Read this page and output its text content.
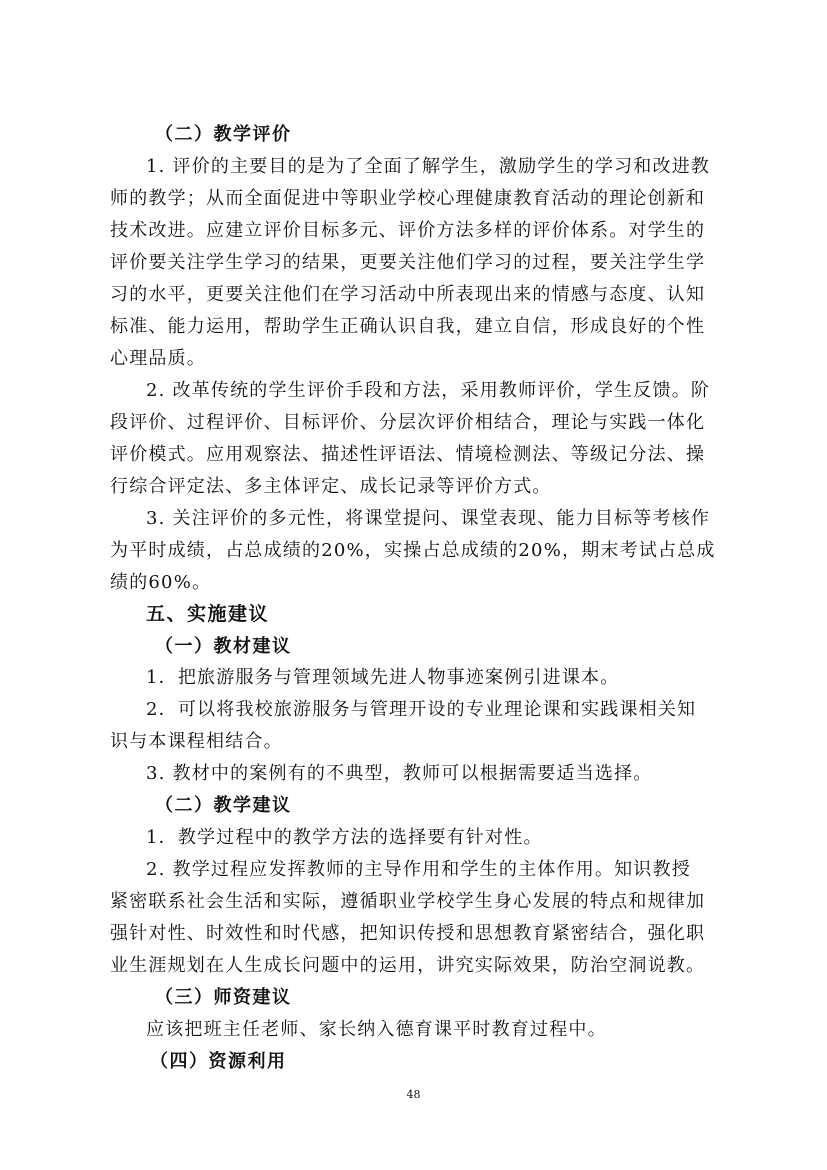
（二）教学评价
1. 评价的主要目的是为了全面了解学生，激励学生的学习和改进教
师的教学；从而全面促进中等职业学校心理健康教育活动的理论创新和
技术改进。应建立评价目标多元、评价方法多样的评价体系。对学生的
评价要关注学生学习的结果，更要关注他们学习的过程，要关注学生学
习的水平，更要关注他们在学习活动中所表现出来的情感与态度、认知
标准、能力运用，帮助学生正确认识自我，建立自信，形成良好的个性
心理品质。
2. 改革传统的学生评价手段和方法，采用教师评价，学生反馈。阶
段评价、过程评价、目标评价、分层次评价相结合，理论与实践一体化
评价模式。应用观察法、描述性评语法、情境检测法、等级记分法、操
行综合评定法、多主体评定、成长记录等评价方式。
3. 关注评价的多元性，将课堂提问、课堂表现、能力目标等考核作
为平时成绩，占总成绩的20%，实操占总成绩的20%，期末考试占总成
绩的60%。
五、实施建议
（一）教材建议
1．把旅游服务与管理领域先进人物事迹案例引进课本。
2．可以将我校旅游服务与管理开设的专业理论课和实践课相关知
识与本课程相结合。
3. 教材中的案例有的不典型，教师可以根据需要适当选择。
（二）教学建议
1．教学过程中的教学方法的选择要有针对性。
2. 教学过程应发挥教师的主导作用和学生的主体作用。知识教授
紧密联系社会生活和实际，遵循职业学校学生身心发展的特点和规律加
强针对性、时效性和时代感，把知识传授和思想教育紧密结合，强化职
业生涯规划在人生成长问题中的运用，讲究实际效果，防治空洞说教。
（三）师资建议
应该把班主任老师、家长纳入德育课平时教育过程中。
（四）资源利用
48
